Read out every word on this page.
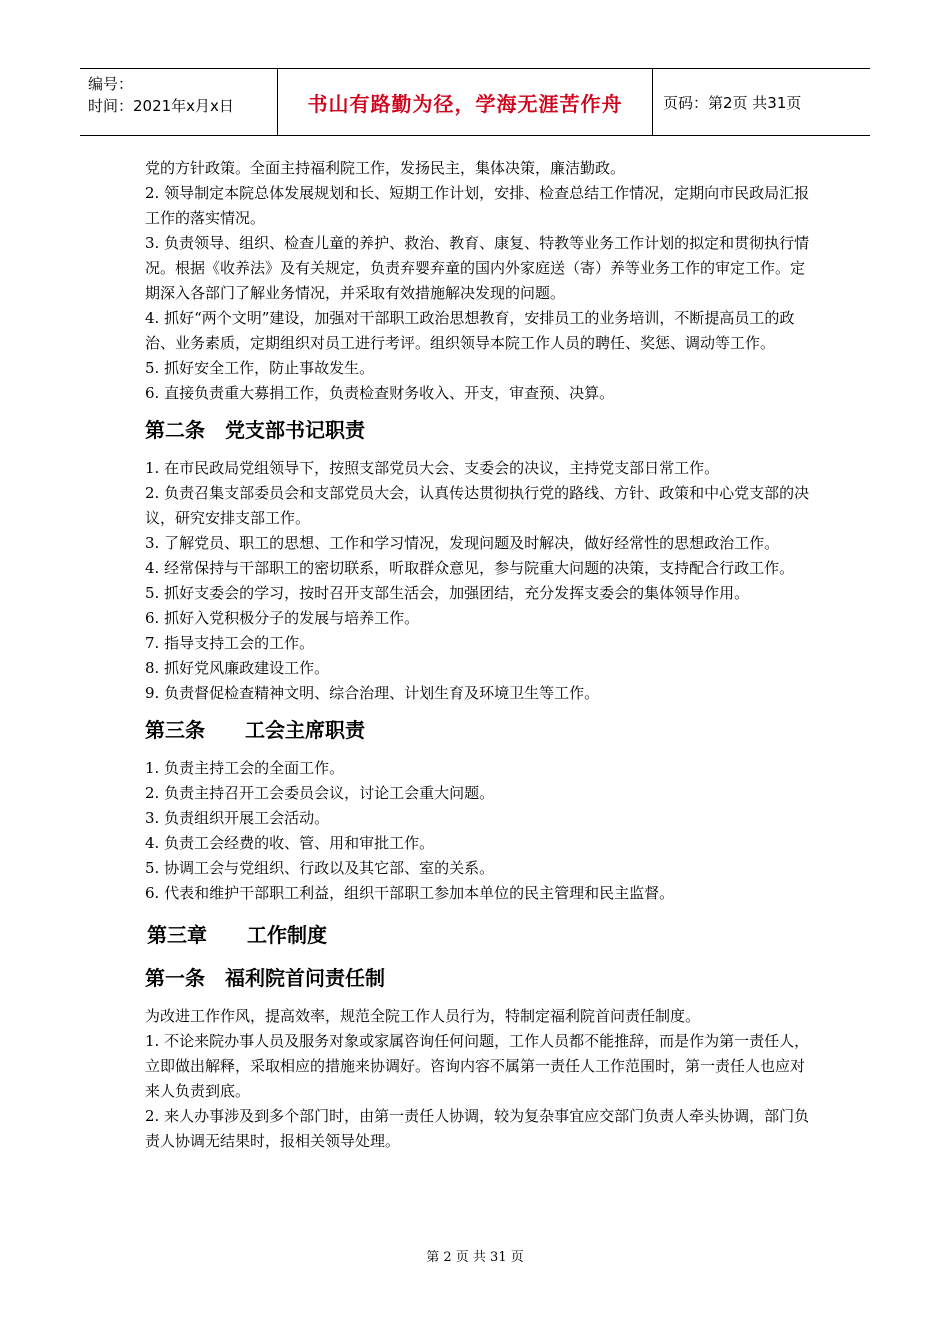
编号：
时间：2021年x月x日	书山有路勤为径，学海无涯苦作舟	页码：第2页 共31页

党的方针政策。全面主持福利院工作，发扬民主，集体决策，廉洁勤政。

2. 领导制定本院总体发展规划和长、短期工作计划，安排、检查总结工作情况，定期向市民政局汇报工作的落实情况。

3. 负责领导、组织、检查儿童的养护、救治、教育、康复、特教等业务工作计划的拟定和贯彻执行情况。根据《收养法》及有关规定，负责弃婴弃童的国内外家庭送（寄）养等业务工作的审定工作。定期深入各部门了解业务情况，并采取有效措施解决发现的问题。

4. 抓好“两个文明”建设，加强对干部职工政治思想教育，安排员工的业务培训，不断提高员工的政治、业务素质，定期组织对员工进行考评。组织领导本院工作人员的聘任、奖惩、调动等工作。

5. 抓好安全工作，防止事故发生。

6. 直接负责重大募捐工作，负责检查财务收入、开支，审查预、决算。

第二条　党支部书记职责

1. 在市民政局党组领导下，按照支部党员大会、支委会的决议，主持党支部日常工作。

2. 负责召集支部委员会和支部党员大会，认真传达贯彻执行党的路线、方针、政策和中心党支部的决议，研究安排支部工作。

3. 了解党员、职工的思想、工作和学习情况，发现问题及时解决，做好经常性的思想政治工作。

4. 经常保持与干部职工的密切联系，听取群众意见，参与院重大问题的决策，支持配合行政工作。

5. 抓好支委会的学习，按时召开支部生活会，加强团结，充分发挥支委会的集体领导作用。

6. 抓好入党积极分子的发展与培养工作。

7. 指导支持工会的工作。

8. 抓好党风廉政建设工作。

9. 负责督促检查精神文明、综合治理、计划生育及环境卫生等工作。

第三条　　工会主席职责

1. 负责主持工会的全面工作。

2. 负责主持召开工会委员会议，讨论工会重大问题。

3. 负责组织开展工会活动。

4. 负责工会经费的收、管、用和审批工作。

5. 协调工会与党组织、行政以及其它部、室的关系。

6. 代表和维护干部职工利益，组织干部职工参加本单位的民主管理和民主监督。

第三章　　工作制度
第一条　福利院首问责任制

为改进工作作风，提高效率，规范全院工作人员行为，特制定福利院首问责任制度。

1. 不论来院办事人员及服务对象或家属咨询任何问题，工作人员都不能推辞，而是作为第一责任人，立即做出解释，采取相应的措施来协调好。咨询内容不属第一责任人工作范围时，第一责任人也应对来人负责到底。

2. 来人办事涉及到多个部门时，由第一责任人协调，较为复杂事宜应交部门负责人牵头协调，部门负责人协调无结果时，报相关领导处理。

第 2 页 共 31 页
